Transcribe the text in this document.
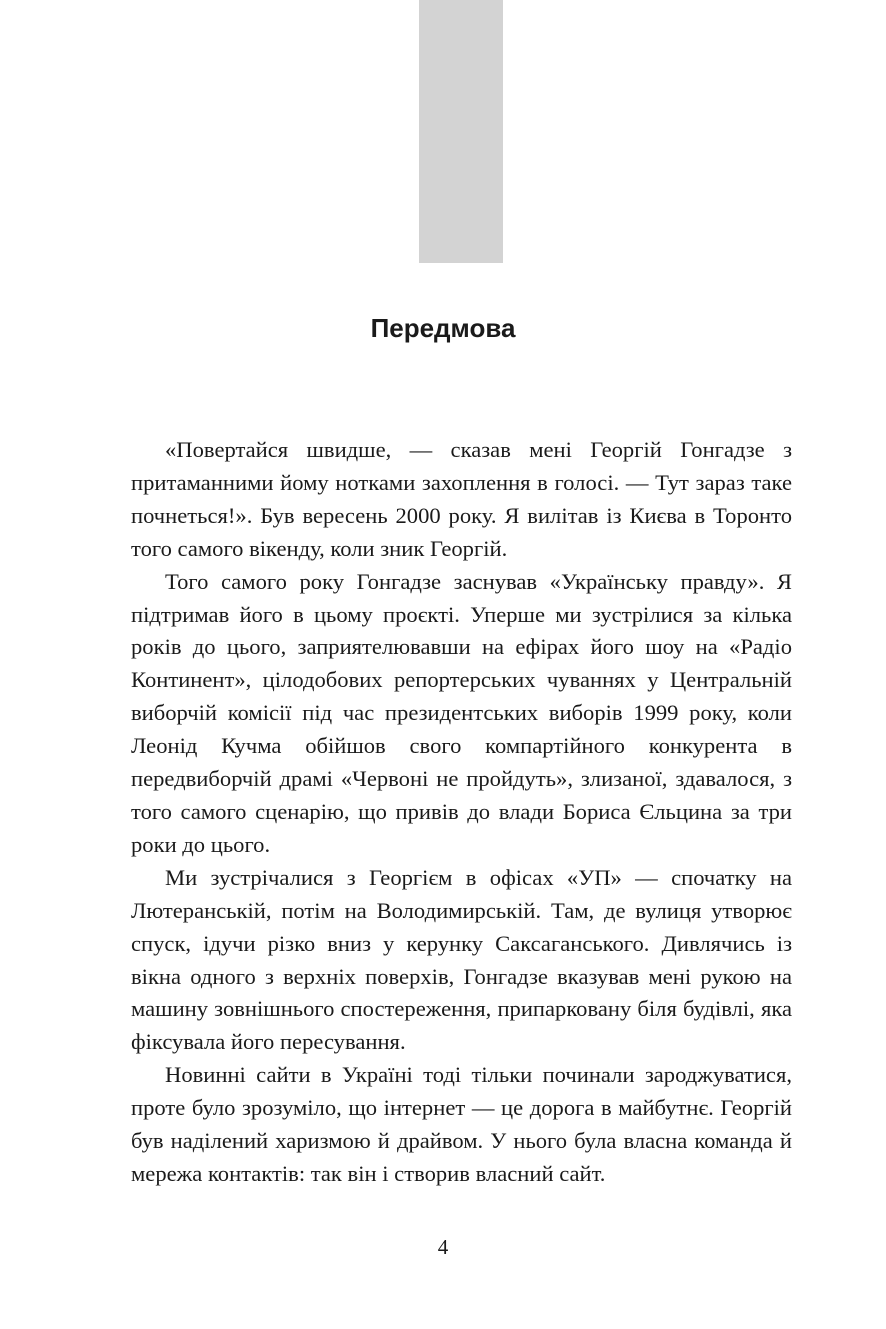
Передмова

«Повертайся швидше, — сказав мені Георгій Гонгадзе з притаманними йому нотками захоплення в голосі. — Тут зараз таке почнеться!». Був вересень 2000 року. Я вилітав із Києва в Торонто того самого вікенду, коли зник Георгій.

Того самого року Гонгадзе заснував «Українську правду». Я підтримав його в цьому проєкті. Уперше ми зустрілися за кілька років до цього, заприятелювавши на ефірах його шоу на «Радіо Континент», цілодобових репортерських чуваннях у Центральній виборчій комісії під час президентських виборів 1999 року, коли Леонід Кучма обійшов свого компартійного конкурента в передвиборчій драмі «Червоні не пройдуть», злизаної, здавалося, з того самого сценарію, що привів до влади Бориса Єльцина за три роки до цього.

Ми зустрічалися з Георгієм в офісах «УП» — спочатку на Лютеранській, потім на Володимирській. Там, де вулиця утворює спуск, ідучи різко вниз у керунку Саксаганського. Дивлячись із вікна одного з верхніх поверхів, Гонгадзе вказував мені рукою на машину зовнішнього спостереження, припарковану біля будівлі, яка фіксувала його пересування.

Новинні сайти в Україні тоді тільки починали зароджуватися, проте було зрозуміло, що інтернет — це дорога в майбутнє. Георгій був наділений харизмою й драйвом. У нього була власна команда й мережа контактів: так він і створив власний сайт.

4
